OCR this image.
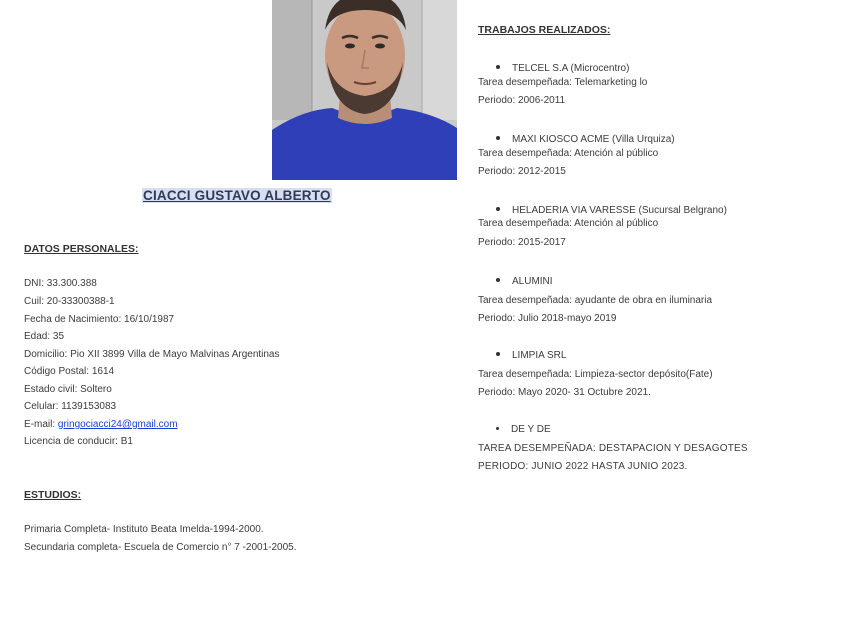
CIACCI GUSTAVO ALBERTO
DATOS PERSONALES:
DNI: 33.300.388
Cuil: 20-33300388-1
Fecha de Nacimiento: 16/10/1987
Edad: 35
Domicilio: Pio XII 3899 Villa de Mayo Malvinas Argentinas
Código Postal: 1614
Estado civil: Soltero
Celular: 1139153083
E-mail: gringociacci24@gmail.com
Licencia de conducir: B1
ESTUDIOS:
Primaria Completa- Instituto Beata Imelda-1994-2000.
Secundaria completa- Escuela de Comercio n° 7 -2001-2005.
TRABAJOS REALIZADOS:
TELCEL S.A (Microcentro)
Tarea desempeñada: Telemarketing lo
Periodo: 2006-2011
MAXI KIOSCO ACME (Villa Urquiza)
Tarea desempeñada: Atención al público
Periodo: 2012-2015
HELADERIA VIA VARESSE (Sucursal Belgrano)
Tarea desempeñada: Atención al público
Periodo: 2015-2017
ALUMINI
Tarea desempeñada: ayudante de obra en iluminaria
Periodo: Julio 2018-mayo 2019
LIMPIA SRL
Tarea desempeñada: Limpieza-sector depósito(Fate)
Periodo: Mayo 2020- 31 Octubre 2021.
DE Y DE
TAREA DESEMPEÑADA: DESTAPACION Y DESAGOTES
PERIODO: JUNIO 2022 HASTA JUNIO 2023.
